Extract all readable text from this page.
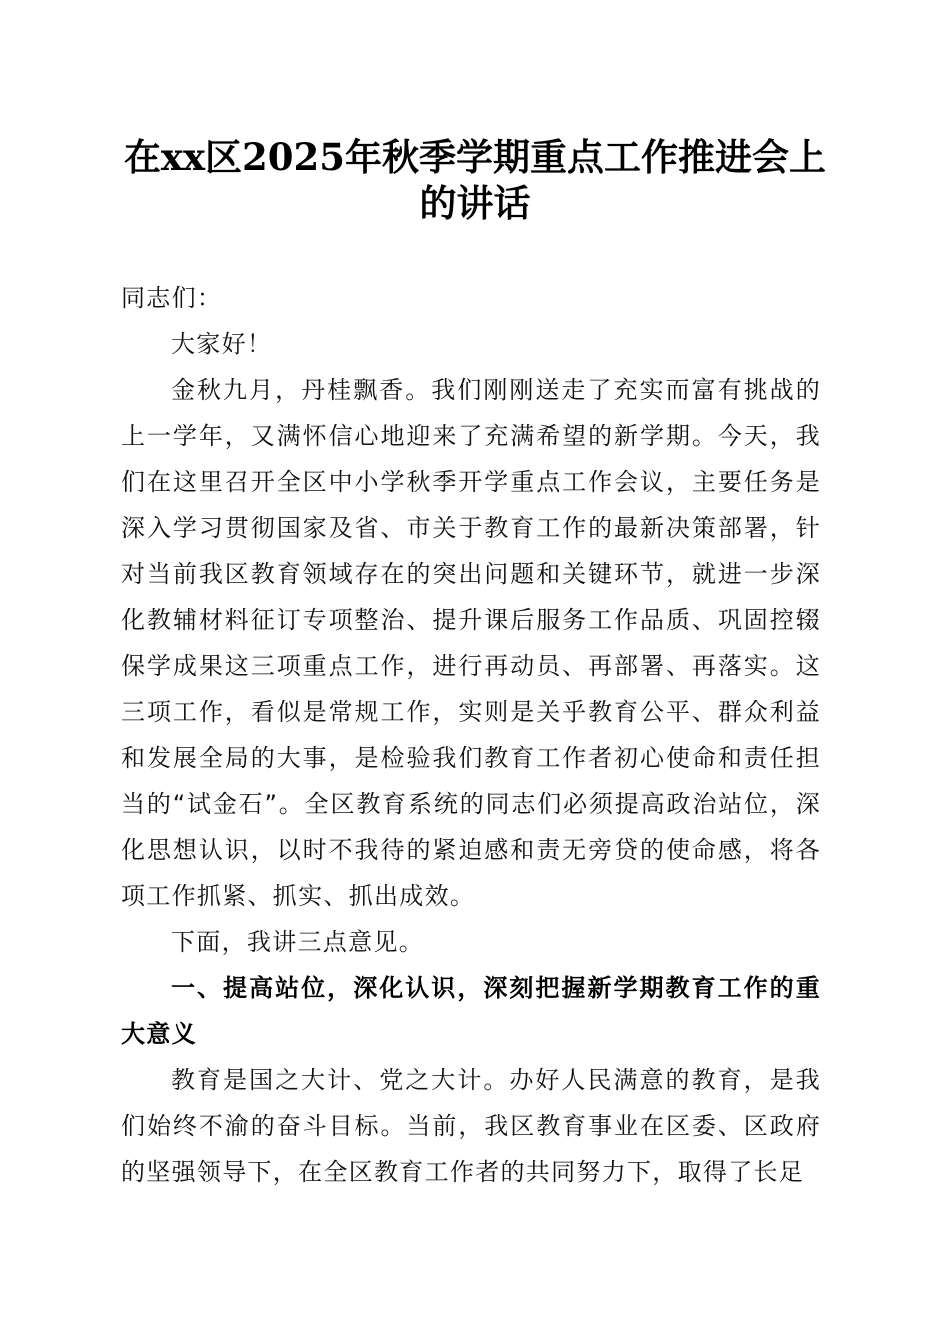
在xx区2025年秋季学期重点工作推进会上的讲话

同志们：

大家好！

金秋九月，丹桂飘香。我们刚刚送走了充实而富有挑战的上一学年，又满怀信心地迎来了充满希望的新学期。今天，我们在这里召开全区中小学秋季开学重点工作会议，主要任务是深入学习贯彻国家及省、市关于教育工作的最新决策部署，针对当前我区教育领域存在的突出问题和关键环节，就进一步深化教辅材料征订专项整治、提升课后服务工作品质、巩固控辍保学成果这三项重点工作，进行再动员、再部署、再落实。这三项工作，看似是常规工作，实则是关乎教育公平、群众利益和发展全局的大事，是检验我们教育工作者初心使命和责任担当的“试金石”。全区教育系统的同志们必须提高政治站位，深化思想认识，以时不我待的紧迫感和责无旁贷的使命感，将各项工作抓紧、抓实、抓出成效。

下面，我讲三点意见。

一、提高站位，深化认识，深刻把握新学期教育工作的重大意义

教育是国之大计、党之大计。办好人民满意的教育，是我们始终不渝的奋斗目标。当前，我区教育事业在区委、区政府的坚强领导下，在全区教育工作者的共同努力下，取得了长足
